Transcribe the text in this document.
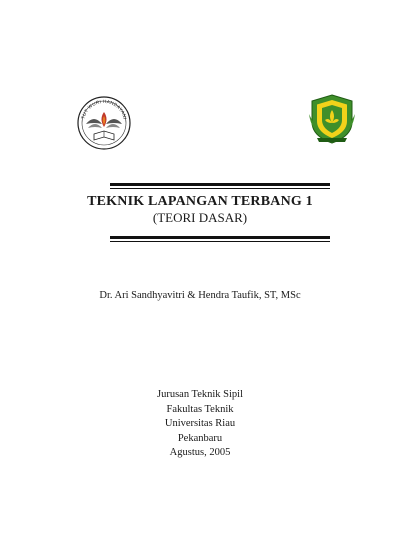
TUT WURI HANDAYANI
TEKNIK LAPANGAN TERBANG 1
(TEORI DASAR)
Dr. Ari Sandhyavitri & Hendra Taufik, ST, MSc
Jurusan Teknik Sipil
Fakultas Teknik
Universitas Riau
Pekanbaru
Agustus, 2005
